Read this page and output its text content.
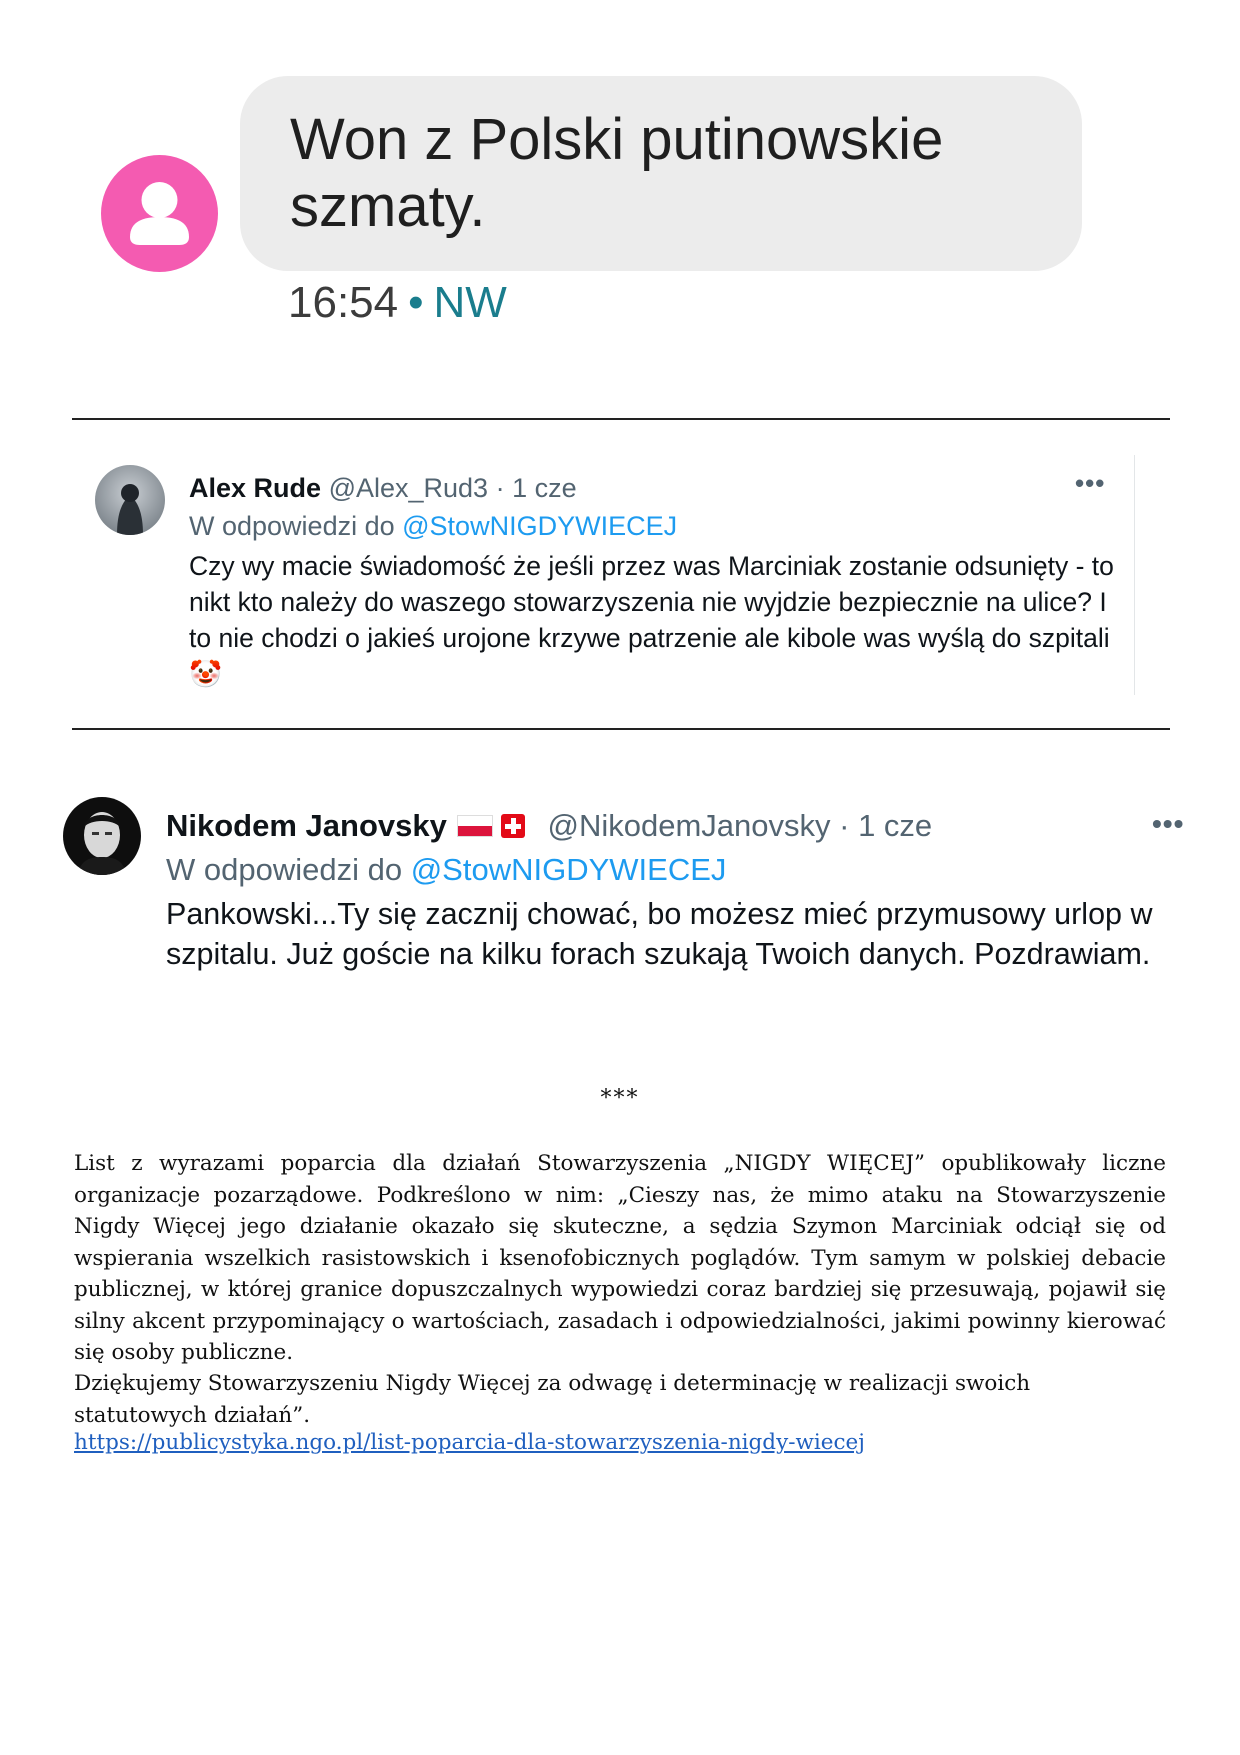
Won z Polski putinowskie szmaty.
16:54 • NW
Alex Rude @Alex_Rud3 · 1 cze	•••
W odpowiedzi do @StowNIGDYWIECEJ
Czy wy macie świadomość że jeśli przez was Marciniak zostanie odsunięty - to nikt kto należy do waszego stowarzyszenia nie wyjdzie bezpiecznie na ulice? I to nie chodzi o jakieś urojone krzywe patrzenie ale kibole was wyślą do szpitali 🤡
Nikodem Janovsky	@NikodemJanovsky · 1 cze	•••
W odpowiedzi do @StowNIGDYWIECEJ
Pankowski...Ty się zacznij chować, bo możesz mieć przymusowy urlop w szpitalu. Już goście na kilku forach szukają Twoich danych. Pozdrawiam.
***
List z wyrazami poparcia dla działań Stowarzyszenia „NIGDY WIĘCEJ” opublikowały liczne organizacje pozarządowe. Podkreślono w nim: „Cieszy nas, że mimo ataku na Stowarzyszenie Nigdy Więcej jego działanie okazało się skuteczne, a sędzia Szymon Marciniak odciął się od wspierania wszelkich rasistowskich i ksenofobicznych poglądów. Tym samym w polskiej debacie publicznej, w której granice dopuszczalnych wypowiedzi coraz bardziej się przesuwają, pojawił się silny akcent przypominający o wartościach, zasadach i odpowiedzialności, jakimi powinny kierować się osoby publiczne.
Dziękujemy Stowarzyszeniu Nigdy Więcej za odwagę i determinację w realizacji swoich statutowych działań”.
https://publicystyka.ngo.pl/list-poparcia-dla-stowarzyszenia-nigdy-wiecej
